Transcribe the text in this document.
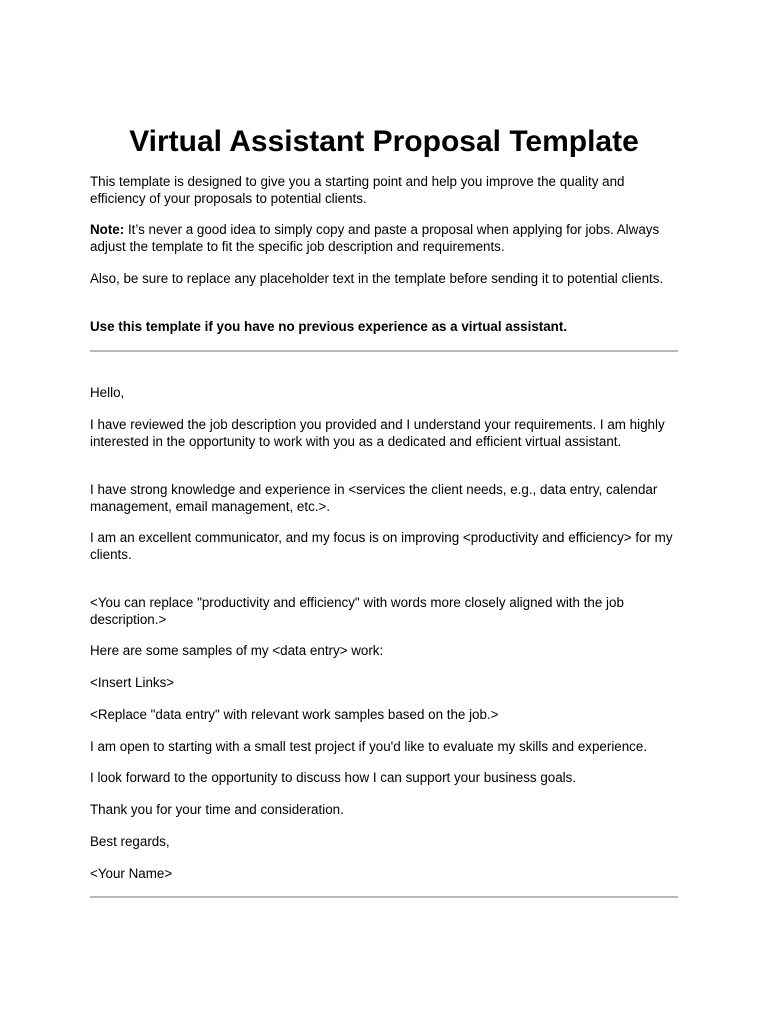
Virtual Assistant Proposal Template

This template is designed to give you a starting point and help you improve the quality and efficiency of your proposals to potential clients.

Note: It’s never a good idea to simply copy and paste a proposal when applying for jobs. Always adjust the template to fit the specific job description and requirements.

Also, be sure to replace any placeholder text in the template before sending it to potential clients.

Use this template if you have no previous experience as a virtual assistant.

Hello,

I have reviewed the job description you provided and I understand your requirements. I am highly interested in the opportunity to work with you as a dedicated and efficient virtual assistant.

I have strong knowledge and experience in <services the client needs, e.g., data entry, calendar management, email management, etc.>.

I am an excellent communicator, and my focus is on improving <productivity and efficiency> for my clients.

<You can replace "productivity and efficiency" with words more closely aligned with the job description.>

Here are some samples of my <data entry> work:

<Insert Links>

<Replace "data entry" with relevant work samples based on the job.>

I am open to starting with a small test project if you'd like to evaluate my skills and experience.

I look forward to the opportunity to discuss how I can support your business goals.

Thank you for your time and consideration.

Best regards,

<Your Name>
